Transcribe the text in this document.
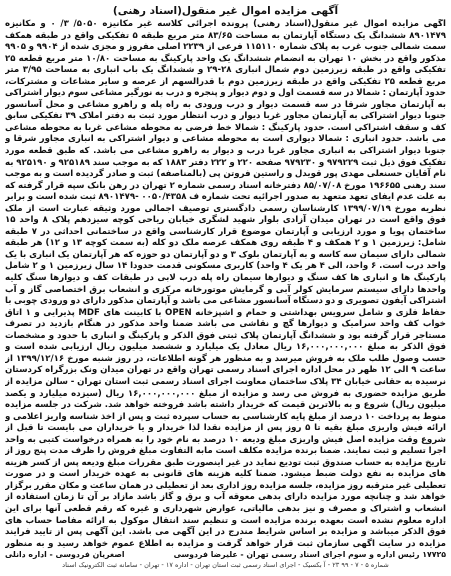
آگهی مزایده اموال غیر منقول(اسناد رهنی)

آگهی مزایده اموال غیر منقول(اسناد رهنی) پرونده اجرائی کلاسه غیر مکانیزه ۵۰۵۰/ ۳/ ۰ و مکانیزه ۸۹۰۱۴۷۹ ششدانگ یک دستگاه آپارتمان به مساحت ۸۳/۶۵ متر مربع طبقه ۵ تفکیکی واقع در طبقه همکف سمت شمالی جنوب غرب به پلاک شماره ۱۱۵۱۱۰ فرعی از ۲۲۳۹ اصلی مفروز و مجزی شده از ۹۹۰۴ و ۹۹۰۵ مذکور واقع در بخش ۱۰ تهران به انضمام ششدانگ یک واحد پارکینگ به مساحت ۱۰/۸۰ متر مربع قطعه ۲۵ تفکیکی واقع در طبقه زیرزمین دوم شمال انباری ۲۸-۲۹ و ششدانگ یک باب انباری به مساحت ۳/۹۵ متر مربع قطعه ۲۵ تفکیکی واقع در طبقه زیرزمین دوم با قدرالسهم از عرصه و سایر مشاعات و مشترکات، حدود آپارتمان : شمالا در سه قسمت اول و دوم دیوار و پنجره و درب به نورگیر مشاعی سوم دیوار اشتراکی به آپارتمان مجاور شرقا در سه قسمت دیوار و درب ورودی به راه پله و راهرو مشاعی و محل آسانسور جنوبا دیوار اشتراکی به آپارتمان مجاور غربا دیوار و درب انتظار مورد ثبت به دفتر املاک ۳۹ تفکیکی سابق کف و سقف اشتراکی است. حدود پارکینگ : شمالا خط فرضی به محوطه مشاعی غربا به محوطه مشاعی می باشد. حدود انباری : شمالا دیواری است به محوطه مشاعی و دیوار اشتراکی به انباری مجاور شرقا و جنوبا دیوار اشتراکی به انباری مجاور غربا درب و دیوار به راهرو مشاعی می باشد. که طبق قطعه مورد تفکیک فوق ذیل ثبت ۹۷۹۲۲۹ و ۹۷۹۲۳۰ صفحه ۲۲۰ و ۲۲۲ دفتر ۱۸۸۳ که به موجب سند ۹۲۵۱۸۹ و ۹۲۵۱۹۰ به نام آقایان حسنعلی مهدی پور قویدل و راستین فروتن پی (بالمناصفه) ثبت و صادر گردیده است و به موجب سند رهنی ۱۹۶۶۵۵ مورخ ۸۵/۰۷/۰۸ دفترخانه اسناد رسمی شماره ۲ تهران در رهن بانک سپه قرار گرفته که به علت عدم ایفای تعهد متعهد به صدور اجرائیه تحت شماره ف ۰۰۵۰/۴۳۵۸ -۸۹۰۱۴۷۹ ثبت شده است و برابر نظریه مورخ ۱۳۹۹/۰۷/۱۹ کارشناسان رسمی دادگستری توصیف اجمالی مورد وثیقه عبارت است از ملک فوق واقع است در تهران میدان آزادی بلوار شهید لشگری خیابان ریاحی کوچه سیزدهم پلاک ۸ واحد ۱۵ ساختمان پویا و مورد ارزیابی و آپارتمان موضوع قرار کارشناسی واقع در ساختمانی احداثی در ۷ طبقه شامل: زیرزمین ۱ و ۲ همکف و ۴ طبقه روی همکف عرصه ملک دو کله (به سمت کوچه ۱۳ و ۱۲) هر طبقه شمالی دارای سیمان سه کاسه و به آپارتمان بلوک ۳ و دو آپارتمان دو حوزه که هر آپارتمان یک انباری با یک واحد درب است. ۶ واحد، الی ۴ هر یک ۴ واحد) کاربری مسکونی قدمت حدودا ۱۴ سال زیرزمین ۱ و ۲ شامل پارکینگ ها و انباری ها کف سنگ و دیوارها سیمان راه پله درب لابی در طبقات کف و دیوارها سنگ کلیه واحدها دارای سیستم سرمایش کولر آبی و گرمایش موتورخانه مرکزی و انشعاب برق اختصاصی گاز و آب اشتراکی آیفون تصویری و دو دستگاه آسانسور مشاعی می باشد و آپارتمان مذکور دارای دو ورودی چوبی با حفاظ فلزی و شامل سرویس بهداشتی و حمام و اشپزخانه OPEN با کابینت های MDF پذیرایی و ۱ اتاق خواب کف واحد سرامیک و دیوارها گچ و نقاشی می باشد ضمنا واحد مذکور در هنگام بازدید در تصرف مستاجر قرار گرفته بود و ششدانگ آپارتمان پلاک ثبتی فوق الذکر و پارکینگ و انباری با حدود و مشخصات فوق الذکر به مبلغ ۱۶,۰۰۰,۰۰۰,۰۰۰ ریال معادل یک میلیارد و ششصد میلیون ریال ارزیابی شده است و حسب وصول طلب ملک به فروش میرسد و به منظور هر گونه اطلاعات، در روز شنبه مورخ ۱۳۹۹/۱۲/۱۶ از ساعت ۹ الی ۱۲ ظهر در محل اداره اجرای اسناد رسمی تهران واقع در تهران میدان ونک بزرگراه کردستان نرسیده به حقانی خیابان ۳۴ پلاک ساختمان معاونت اجرای اسناد رسمی ثبت استان تهران - سالن مزایده از طریق مزایده حضوری به فروش می رسد و مزایده از مبلغ ۱۶,۰۰۰,۰۰۰,۰۰۰ ریال (سیزده میلیارد و یکصد میلیون ریال) شروع و به بالاترین قیمت که خریدار داشته باشد فروخته خواهد شد. شرکت در جلسه مزایده منوط به پرداخت ۱۰ درصد از مبلغ پایه کارشناسی به حساب سپرده ثبت و پس از اخذ شناسه واریز اعلامی و ارائه فیش واریزی مبلغ بقیه تا ۵ روز پس از مزایده نقدا لذا خریدار و یا خریداران می بایست تا قبل از شروع وقت مزایده اصل فیش واریزی مبلغ ودیعه ۱۰ درصد به نام خود را به همراه درخواست کتبی به واحد اجرا تسلیم و ثبت نمایند. ضمنا برنده مزایده مکلف است مابه التفاوت مبلغ فروش را ظرف مدت پنج روز از تاریخ مزایده به حساب صندوق ثبت تودیع نماید در غیر اینصورت طبق مقررات مبلغ ودیعه پس از کسر هزینه های مزایده به نفع دولت ضبط میشود. ضمنا کلیه هزینه های قانونی به عهده خریدار است و در صورت تعطیلی غیر مترقبه روز مزایده، جلسه مزایده روز اداری بعد از تعطیلی در همان ساعت و مکان مقرر برگزار خواهد شد و چنانچه مورد مزایده دارای بدهی معوقه آب و برق و گاز باشد مازاد بر آن تا زمان استفاده از انشعاب و اشتراک و مصرف و نیز بدهی مالیاتی، عوارض شهرداری و غیره که رقم قطعی آنها برای این اداره معلوم نشده است بعهده برنده مزایده است و تنظیم سند انتقال موکول به ارائه مفاصا حساب های فوق الذکر میباشد و مزایده بر اساس شرایط مندرج در این آگهی می باشد. این آگهی پس از تایید فرایند مزایده در سایت اگهی سازمان ثبت قرار خواهد گرفت و مزایده به اطلاع عموم خواهد رسید و به منظور

۱۷۷۲۵ رئیس اداره و سوم اجرای اسناد رسمی تهران - علیرضا فردوسی
اصغریان فردوسی - اداره دانلی
شماره ۵ - ۷ - ۹۹ ۲۳ - آ بکسیک - اجرای اسناد رسمی ثبت استان تهران - اداره ۱۷ - تهران - سامانه ثبت الکترونیک اسناد
